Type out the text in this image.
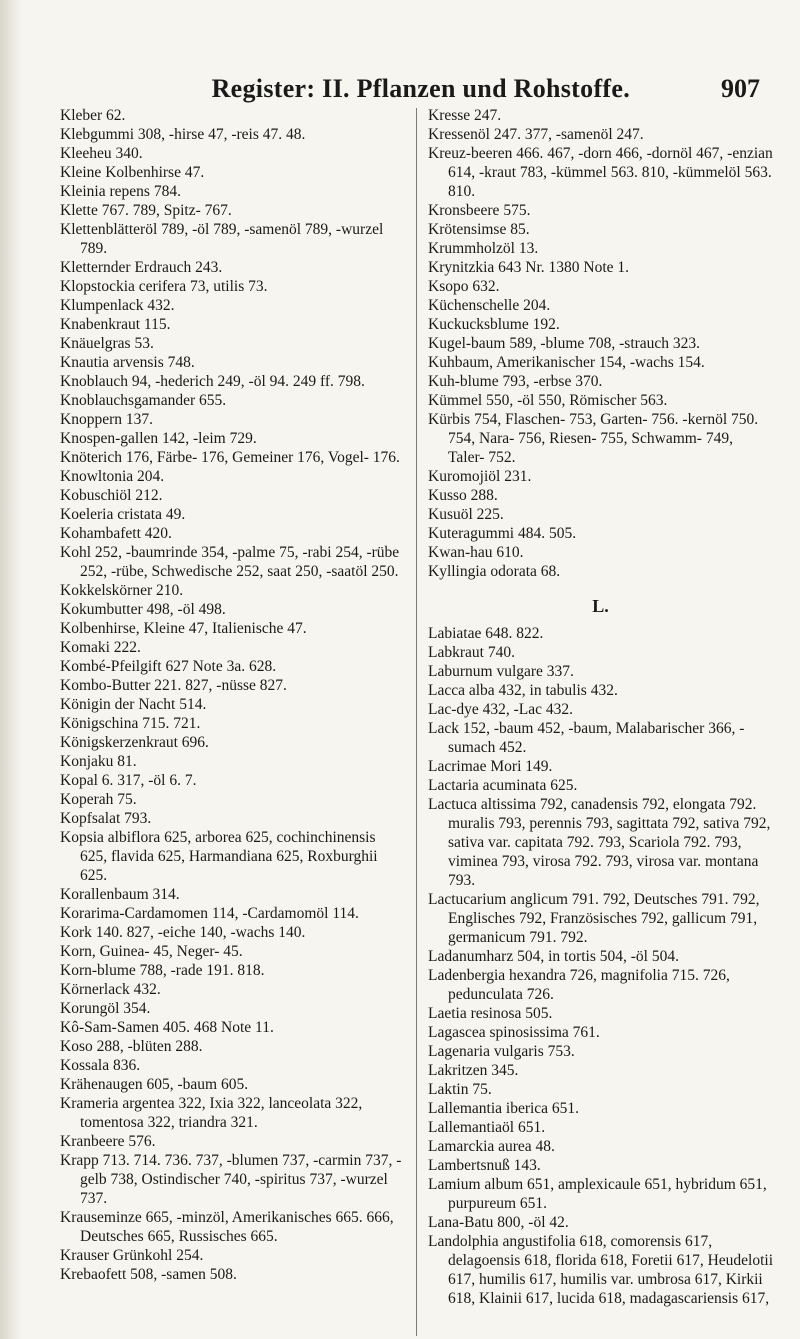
Register: II. Pflanzen und Rohstoffe.	907

Kleber 62.

Klebgummi 308, -hirse 47, -reis 47. 48.

Kleeheu 340.

Kleine Kolbenhirse 47.

Kleinia repens 784.

Klette 767. 789, Spitz- 767.

Klettenblätteröl 789, -öl 789, -samenöl 789, -wurzel 789.

Kletternder Erdrauch 243.

Klopstockia cerifera 73, utilis 73.

Klumpenlack 432.

Knabenkraut 115.

Knäuelgras 53.

Knautia arvensis 748.

Knoblauch 94, -hederich 249, -öl 94. 249 ff. 798.

Knoblauchsgamander 655.

Knoppern 137.

Knospen-gallen 142, -leim 729.

Knöterich 176, Färbe- 176, Gemeiner 176, Vogel- 176.

Knowltonia 204.

Kobuschiöl 212.

Koeleria cristata 49.

Kohambafett 420.

Kohl 252, -baumrinde 354, -palme 75, -rabi 254, -rübe 252, -rübe, Schwedische 252, saat 250, -saatöl 250.

Kokkelskörner 210.

Kokumbutter 498, -öl 498.

Kolbenhirse, Kleine 47, Italienische 47.

Komaki 222.

Kombé-Pfeilgift 627 Note 3a. 628.

Kombo-Butter 221. 827, -nüsse 827.

Königin der Nacht 514.

Königschina 715. 721.

Königskerzenkraut 696.

Konjaku 81.

Kopal 6. 317, -öl 6. 7.

Koperah 75.

Kopfsalat 793.

Kopsia albiflora 625, arborea 625, cochinchinensis 625, flavida 625, Harmandiana 625, Roxburghii 625.

Korallenbaum 314.

Korarima-Cardamomen 114, -Cardamomöl 114.

Kork 140. 827, -eiche 140, -wachs 140.

Korn, Guinea- 45, Neger- 45.

Korn-blume 788, -rade 191. 818.

Körnerlack 432.

Korungöl 354.

Kô-Sam-Samen 405. 468 Note 11.

Koso 288, -blüten 288.

Kossala 836.

Krähenaugen 605, -baum 605.

Krameria argentea 322, Ixia 322, lanceolata 322, tomentosa 322, triandra 321.

Kranbeere 576.

Krapp 713. 714. 736. 737, -blumen 737, -carmin 737, -gelb 738, Ostindischer 740, -spiritus 737, -wurzel 737.

Krauseminze 665, -minzöl, Amerikanisches 665. 666, Deutsches 665, Russisches 665.

Krauser Grünkohl 254.

Krebaofett 508, -samen 508.

Kresse 247.

Kressenöl 247. 377, -samenöl 247.

Kreuz-beeren 466. 467, -dorn 466, -dornöl 467, -enzian 614, -kraut 783, -kümmel 563. 810, -kümmelöl 563. 810.

Kronsbeere 575.

Krötensimse 85.

Krummholzöl 13.

Krynitzkia 643 Nr. 1380 Note 1.

Ksopo 632.

Küchenschelle 204.

Kuckucksblume 192.

Kugel-baum 589, -blume 708, -strauch 323.

Kuhbaum, Amerikanischer 154, -wachs 154.

Kuh-blume 793, -erbse 370.

Kümmel 550, -öl 550, Römischer 563.

Kürbis 754, Flaschen- 753, Garten- 756. -kernöl 750. 754, Nara- 756, Riesen- 755, Schwamm- 749, Taler- 752.

Kuromojiöl 231.

Kusso 288.

Kusuöl 225.

Kuteragummi 484. 505.

Kwan-hau 610.

Kyllingia odorata 68.

L.

Labiatae 648. 822.

Labkraut 740.

Laburnum vulgare 337.

Lacca alba 432, in tabulis 432.

Lac-dye 432, -Lac 432.

Lack 152, -baum 452, -baum, Malabarischer 366, -sumach 452.

Lacrimae Mori 149.

Lactaria acuminata 625.

Lactuca altissima 792, canadensis 792, elongata 792. muralis 793, perennis 793, sagittata 792, sativa 792, sativa var. capitata 792. 793, Scariola 792. 793, viminea 793, virosa 792. 793, virosa var. montana 793.

Lactucarium anglicum 791. 792, Deutsches 791. 792, Englisches 792, Französisches 792, gallicum 791, germanicum 791. 792.

Ladanumharz 504, in tortis 504, -öl 504.

Ladenbergia hexandra 726, magnifolia 715. 726, pedunculata 726.

Laetia resinosa 505.

Lagascea spinosissima 761.

Lagenaria vulgaris 753.

Lakritzen 345.

Laktin 75.

Lallemantia iberica 651.

Lallemantiaöl 651.

Lamarckia aurea 48.

Lambertsnuß 143.

Lamium album 651, amplexicaule 651, hybridum 651, purpureum 651.

Lana-Batu 800, -öl 42.

Landolphia angustifolia 618, comorensis 617, delagoensis 618, florida 618, Foretii 617, Heudelotii 617, humilis 617, humilis var. umbrosa 617, Kirkii 618, Klainii 617, lucida 618, madagascariensis 617,
